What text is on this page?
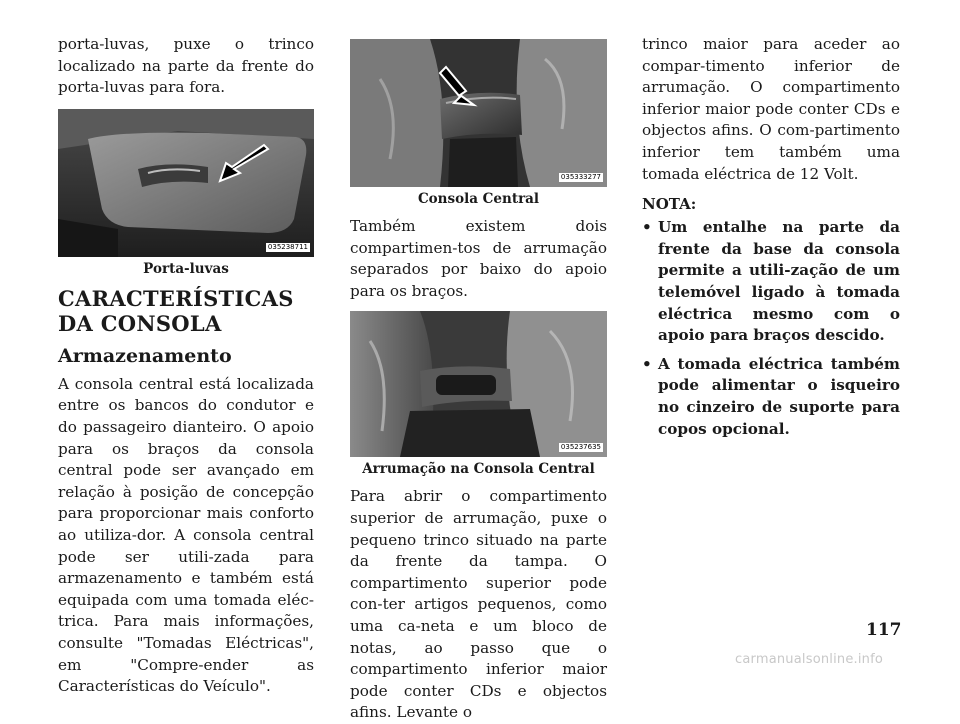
porta-luvas, puxe o trinco localizado na parte da frente do porta-luvas para fora.

035238711
Porta-luvas
CARACTERÍSTICAS DA CONSOLA
Armazenamento

A consola central está localizada entre os bancos do condutor e do passageiro dianteiro. O apoio para os braços da consola central pode ser avançado em relação à posição de concepção para proporcionar mais conforto ao utiliza-dor. A consola central pode ser utili-zada para armazenamento e também está equipada com uma tomada eléc-trica. Para mais informações, consulte "Tomadas Eléctricas", em "Compre-ender as Características do Veículo".

035333277
Consola Central

Também existem dois compartimen-tos de arrumação separados por baixo do apoio para os braços.

035237635
Arrumação na Consola Central

Para abrir o compartimento superior de arrumação, puxe o pequeno trinco situado na parte da frente da tampa. O compartimento superior pode con-ter artigos pequenos, como uma ca-neta e um bloco de notas, ao passo que o compartimento inferior maior pode conter CDs e objectos afins. Levante o

trinco maior para aceder ao compar-timento inferior de arrumação. O compartimento inferior maior pode conter CDs e objectos afins. O com-partimento inferior tem também uma tomada eléctrica de 12 Volt.

NOTA:
• Um entalhe na parte da frente da base da consola permite a utili-zação de um telemóvel ligado à tomada eléctrica mesmo com o apoio para braços descido.
• A tomada eléctrica também pode alimentar o isqueiro no cinzeiro de suporte para copos opcional.
117
carmanualsonline.info
